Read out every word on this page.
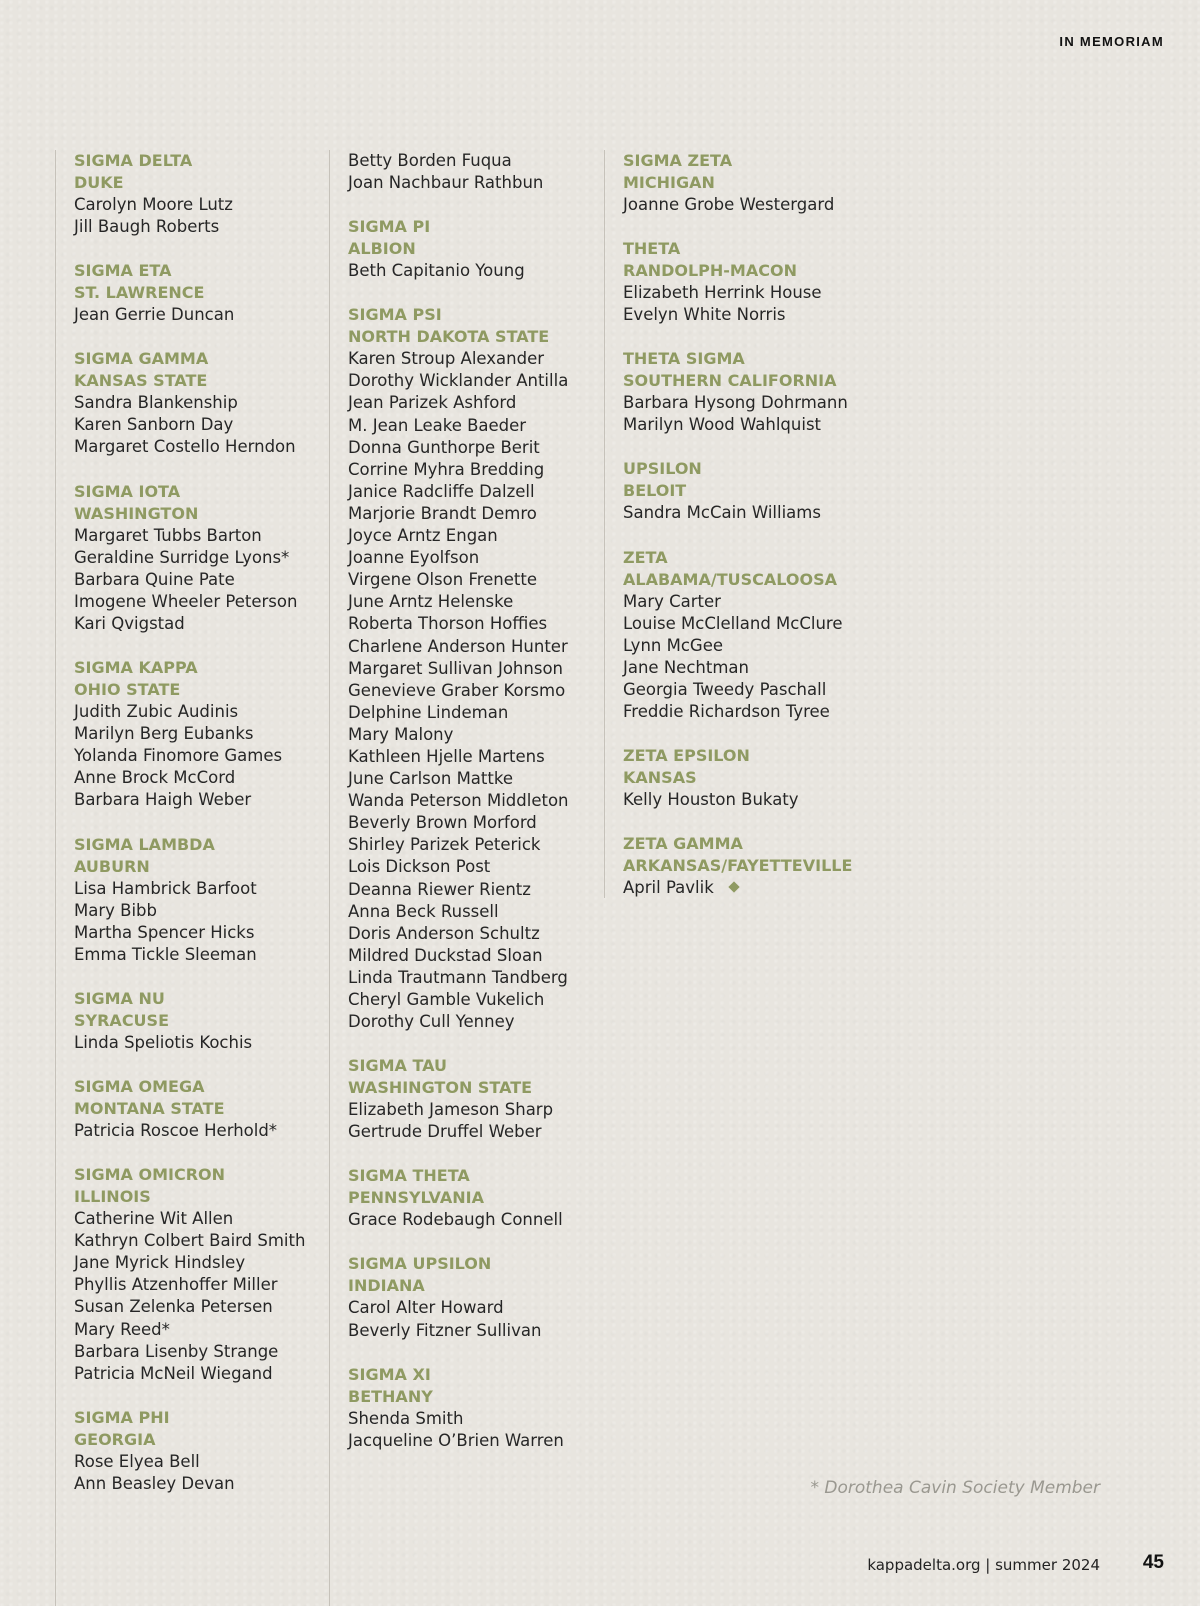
IN MEMORIAM
SIGMA DELTA
DUKE
Carolyn Moore Lutz
Jill Baugh Roberts
SIGMA ETA
ST. LAWRENCE
Jean Gerrie Duncan
SIGMA GAMMA
KANSAS STATE
Sandra Blankenship
Karen Sanborn Day
Margaret Costello Herndon
SIGMA IOTA
WASHINGTON
Margaret Tubbs Barton
Geraldine Surridge Lyons*
Barbara Quine Pate
Imogene Wheeler Peterson
Kari Qvigstad
SIGMA KAPPA
OHIO STATE
Judith Zubic Audinis
Marilyn Berg Eubanks
Yolanda Finomore Games
Anne Brock McCord
Barbara Haigh Weber
SIGMA LAMBDA
AUBURN
Lisa Hambrick Barfoot
Mary Bibb
Martha Spencer Hicks
Emma Tickle Sleeman
SIGMA NU
SYRACUSE
Linda Speliotis Kochis
SIGMA OMEGA
MONTANA STATE
Patricia Roscoe Herhold*
SIGMA OMICRON
ILLINOIS
Catherine Wit Allen
Kathryn Colbert Baird Smith
Jane Myrick Hindsley
Phyllis Atzenhoffer Miller
Susan Zelenka Petersen
Mary Reed*
Barbara Lisenby Strange
Patricia McNeil Wiegand
SIGMA PHI
GEORGIA
Rose Elyea Bell
Ann Beasley Devan
Betty Borden Fuqua
Joan Nachbaur Rathbun
SIGMA PI
ALBION
Beth Capitanio Young
SIGMA PSI
NORTH DAKOTA STATE
Karen Stroup Alexander
Dorothy Wicklander Antilla
Jean Parizek Ashford
M. Jean Leake Baeder
Donna Gunthorpe Berit
Corrine Myhra Bredding
Janice Radcliffe Dalzell
Marjorie Brandt Demro
Joyce Arntz Engan
Joanne Eyolfson
Virgene Olson Frenette
June Arntz Helenske
Roberta Thorson Hoffies
Charlene Anderson Hunter
Margaret Sullivan Johnson
Genevieve Graber Korsmo
Delphine Lindeman
Mary Malony
Kathleen Hjelle Martens
June Carlson Mattke
Wanda Peterson Middleton
Beverly Brown Morford
Shirley Parizek Peterick
Lois Dickson Post
Deanna Riewer Rientz
Anna Beck Russell
Doris Anderson Schultz
Mildred Duckstad Sloan
Linda Trautmann Tandberg
Cheryl Gamble Vukelich
Dorothy Cull Yenney
SIGMA TAU
WASHINGTON STATE
Elizabeth Jameson Sharp
Gertrude Druffel Weber
SIGMA THETA
PENNSYLVANIA
Grace Rodebaugh Connell
SIGMA UPSILON
INDIANA
Carol Alter Howard
Beverly Fitzner Sullivan
SIGMA XI
BETHANY
Shenda Smith
Jacqueline O’Brien Warren
SIGMA ZETA
MICHIGAN
Joanne Grobe Westergard
THETA
RANDOLPH-MACON
Elizabeth Herrink House
Evelyn White Norris
THETA SIGMA
SOUTHERN CALIFORNIA
Barbara Hysong Dohrmann
Marilyn Wood Wahlquist
UPSILON
BELOIT
Sandra McCain Williams
ZETA
ALABAMA/TUSCALOOSA
Mary Carter
Louise McClelland McClure
Lynn McGee
Jane Nechtman
Georgia Tweedy Paschall
Freddie Richardson Tyree
ZETA EPSILON
KANSAS
Kelly Houston Bukaty
ZETA GAMMA
ARKANSAS/FAYETTEVILLE
April Pavlik
* Dorothea Cavin Society Member
kappadelta.org | summer 2024 45
